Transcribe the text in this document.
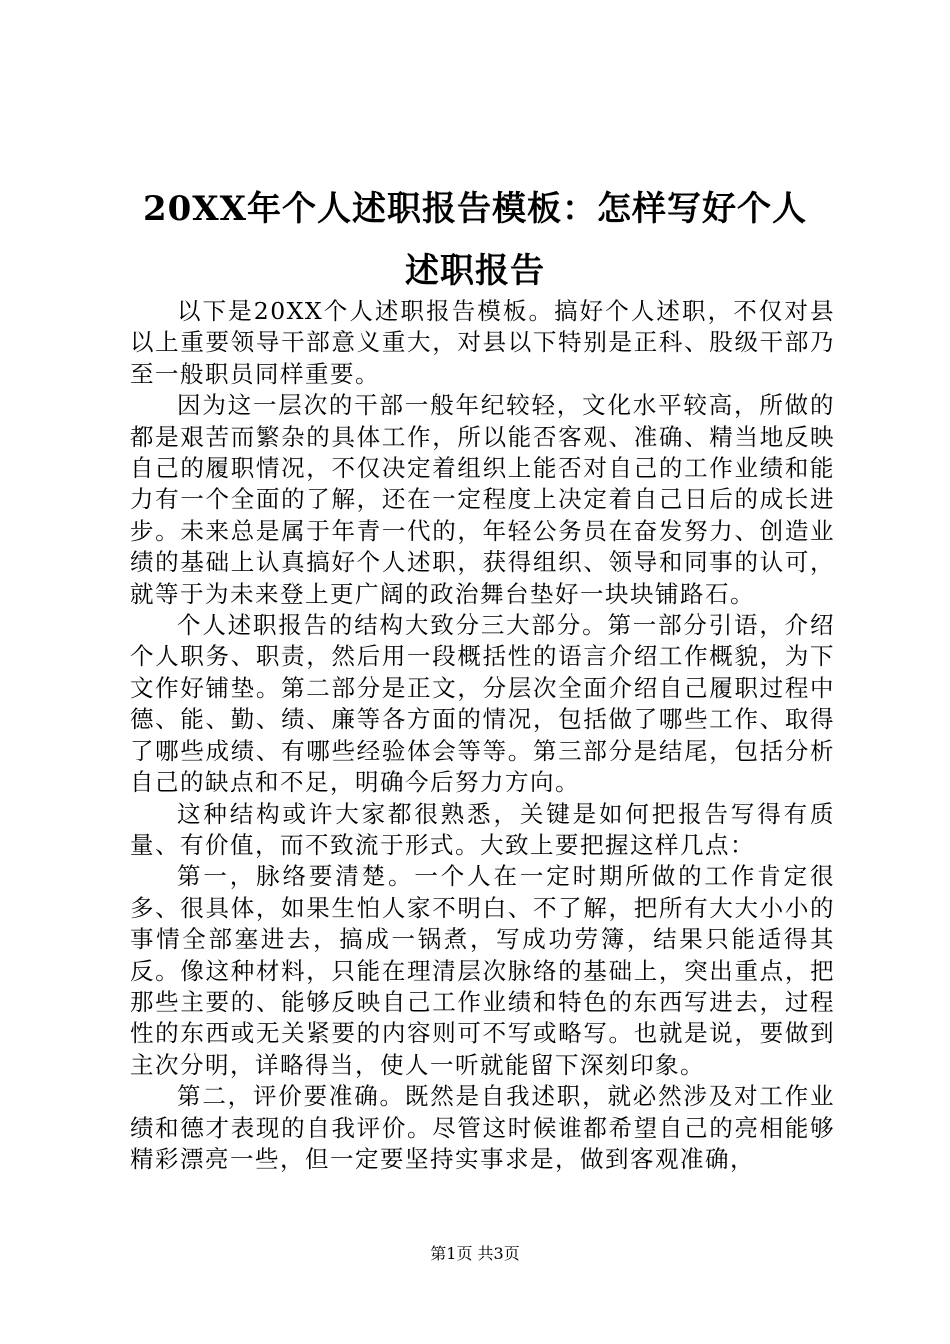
20XX年个人述职报告模板：怎样写好个人述职报告

以下是20XX个人述职报告模板。搞好个人述职，不仅对县以上重要领导干部意义重大，对县以下特别是正科、股级干部乃至一般职员同样重要。

因为这一层次的干部一般年纪较轻，文化水平较高，所做的都是艰苦而繁杂的具体工作，所以能否客观、准确、精当地反映自己的履职情况，不仅决定着组织上能否对自己的工作业绩和能力有一个全面的了解，还在一定程度上决定着自己日后的成长进步。未来总是属于年青一代的，年轻公务员在奋发努力、创造业绩的基础上认真搞好个人述职，获得组织、领导和同事的认可，就等于为未来登上更广阔的政治舞台垫好一块块铺路石。

个人述职报告的结构大致分三大部分。第一部分引语，介绍个人职务、职责，然后用一段概括性的语言介绍工作概貌，为下文作好铺垫。第二部分是正文，分层次全面介绍自己履职过程中德、能、勤、绩、廉等各方面的情况，包括做了哪些工作、取得了哪些成绩、有哪些经验体会等等。第三部分是结尾，包括分析自己的缺点和不足，明确今后努力方向。

这种结构或许大家都很熟悉，关键是如何把报告写得有质量、有价值，而不致流于形式。大致上要把握这样几点：

第一，脉络要清楚。一个人在一定时期所做的工作肯定很多、很具体，如果生怕人家不明白、不了解，把所有大大小小的事情全部塞进去，搞成一锅煮，写成功劳簿，结果只能适得其反。像这种材料，只能在理清层次脉络的基础上，突出重点，把那些主要的、能够反映自己工作业绩和特色的东西写进去，过程性的东西或无关紧要的内容则可不写或略写。也就是说，要做到主次分明，详略得当，使人一听就能留下深刻印象。

第二，评价要准确。既然是自我述职，就必然涉及对工作业绩和德才表现的自我评价。尽管这时候谁都希望自己的亮相能够精彩漂亮一些，但一定要坚持实事求是，做到客观准确，

第1页 共3页
